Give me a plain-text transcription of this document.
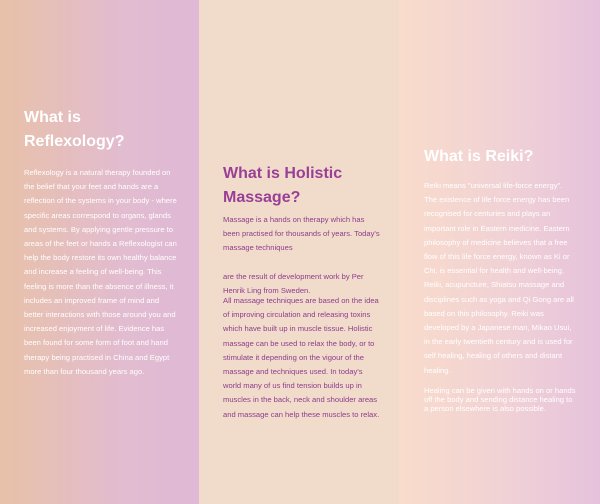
What is Reflexology?

Reflexology is a natural therapy founded on the belief that your feet and hands are a reflection of the systems in your body - where specific areas correspond to organs, glands and systems. By applying gentle pressure to areas of the feet or hands a Reflexologist can help the body restore its own healthy balance and increase a feeling of well-being. This feeling is more than the absence of illness, it includes an improved frame of mind and better interactions with those around you and increased enjoyment of life. Evidence has been found for some form of foot and hand therapy being practised in China and Egypt more than four thousand years ago.

What is Holistic Massage?

Massage is a hands on therapy which has been practised for thousands of years. Today's massage techniques

are the result of development work by Per Henrik Ling from Sweden.

All massage techniques are based on the idea of improving circulation and releasing toxins which have built up in muscle tissue. Holistic massage can be used to relax the body, or to stimulate it depending on the vigour of the massage and techniques used. In today's world many of us find tension builds up in muscles in the back, neck and shoulder areas and massage can help these muscles to relax.

What is Reiki?

Reiki means "universal life-force energy". The existence of life force energy has been recognised for centuries and plays an important role in Eastern medicine. Eastern philosophy of medicine believes that a free flow of this life force energy, known as Ki or Chi, is essential for health and well-being. Reiki, acupuncture, Shiatsu massage and disciplines such as yoga and Qi Gong are all based on this philosophy. Reiki was developed by a Japanese man, Mikao Usui, in the early twentieth century and is used for self healing, healing of others and distant healing.

Healing can be given with hands on or hands off the body and sending distance healing to a person elsewhere is also possible.
